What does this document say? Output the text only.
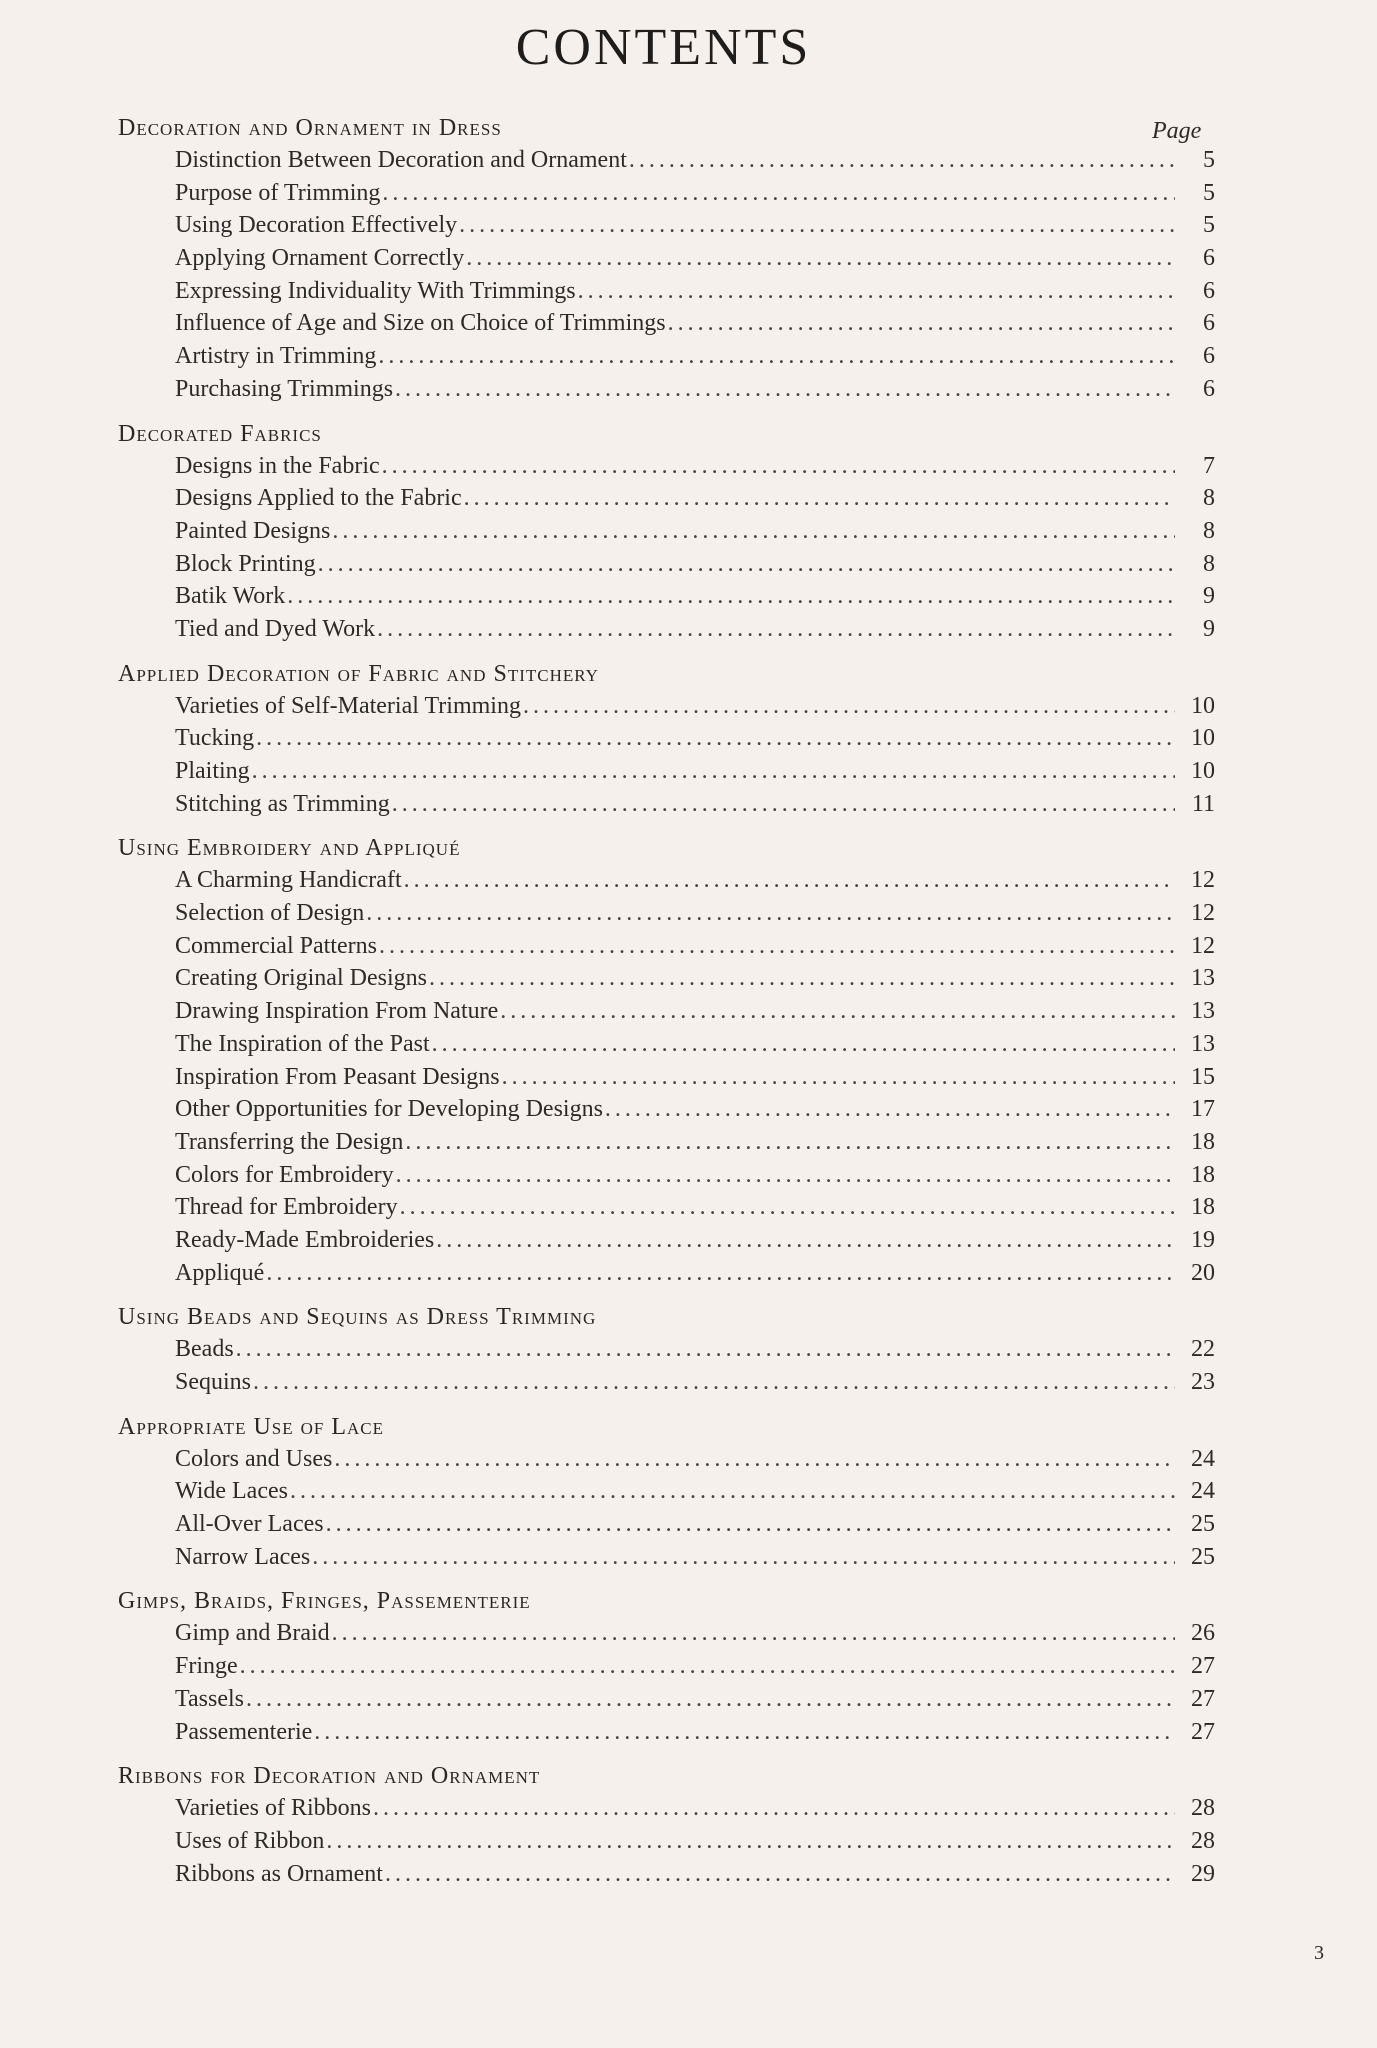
CONTENTS
Page
Decoration and Ornament in Dress
Distinction Between Decoration and Ornament . . .	5
Purpose of Trimming . . .	5
Using Decoration Effectively . . .	5
Applying Ornament Correctly . . .	6
Expressing Individuality With Trimmings . . .	6
Influence of Age and Size on Choice of Trimmings . . .	6
Artistry in Trimming . . .	6
Purchasing Trimmings . . .	6
Decorated Fabrics
Designs in the Fabric . . .	7
Designs Applied to the Fabric . . .	8
Painted Designs . . .	8
Block Printing . . .	8
Batik Work . . .	9
Tied and Dyed Work . . .	9
Applied Decoration of Fabric and Stitchery
Varieties of Self-Material Trimming . . .	10
Tucking . . .	10
Plaiting . . .	10
Stitching as Trimming . . .	11
Using Embroidery and Appliqué
A Charming Handicraft . . .	12
Selection of Design . . .	12
Commercial Patterns . . .	12
Creating Original Designs . . .	13
Drawing Inspiration From Nature . . .	13
The Inspiration of the Past . . .	13
Inspiration From Peasant Designs . . .	15
Other Opportunities for Developing Designs . . .	17
Transferring the Design . . .	18
Colors for Embroidery . . .	18
Thread for Embroidery . . .	18
Ready-Made Embroideries . . .	19
Appliqué . . .	20
Using Beads and Sequins as Dress Trimming
Beads . . .	22
Sequins . . .	23
Appropriate Use of Lace
Colors and Uses . . .	24
Wide Laces . . .	24
All-Over Laces . . .	25
Narrow Laces . . .	25
Gimps, Braids, Fringes, Passementerie
Gimp and Braid . . .	26
Fringe . . .	27
Tassels . . .	27
Passementerie . . .	27
Ribbons for Decoration and Ornament
Varieties of Ribbons . . .	28
Uses of Ribbon . . .	28
Ribbons as Ornament . . .	29
3
